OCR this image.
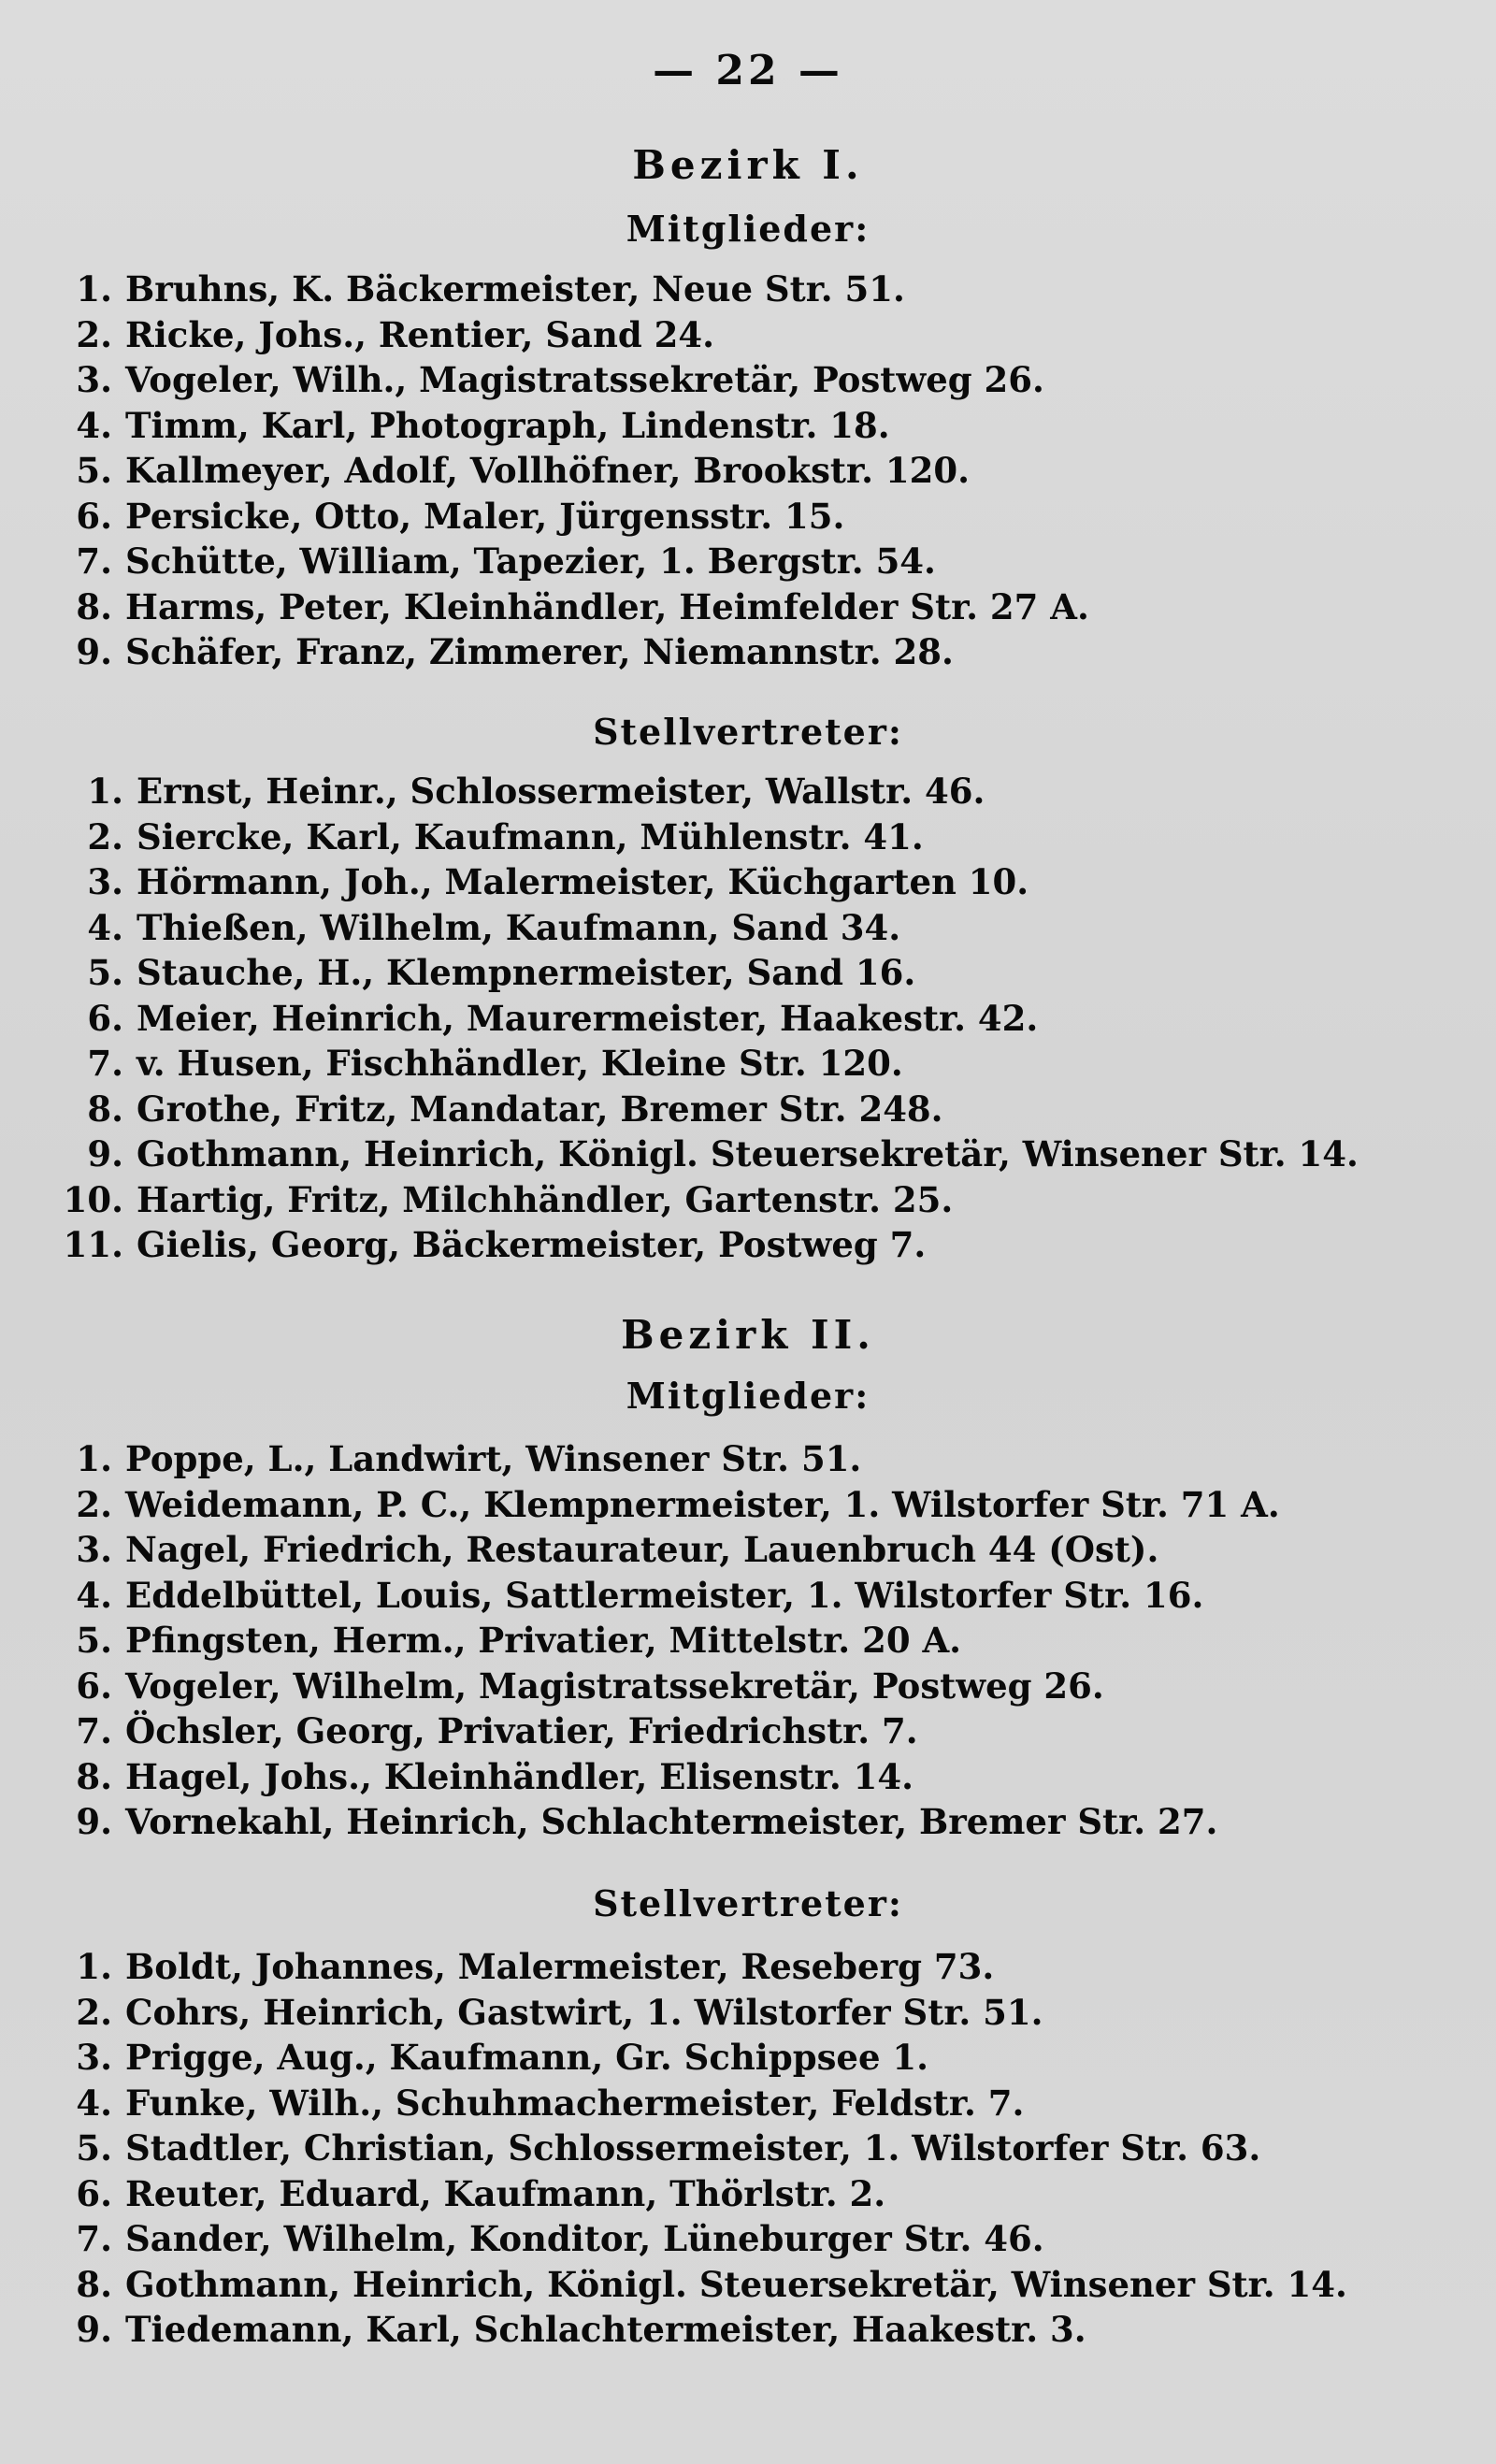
— 22 —
Bezirk I.
Mitglieder:
1. Bruhns, K. Bäckermeister, Neue Str. 51.
2. Ricke, Johs., Rentier, Sand 24.
3. Vogeler, Wilh., Magistratssekretär, Postweg 26.
4. Timm, Karl, Photograph, Lindenstr. 18.
5. Kallmeyer, Adolf, Vollhöfner, Brookstr. 120.
6. Persicke, Otto, Maler, Jürgensstr. 15.
7. Schütte, William, Tapezier, 1. Bergstr. 54.
8. Harms, Peter, Kleinhändler, Heimfelder Str. 27 A.
9. Schäfer, Franz, Zimmerer, Niemannstr. 28.
Stellvertreter:
1. Ernst, Heinr., Schlossermeister, Wallstr. 46.
2. Siercke, Karl, Kaufmann, Mühlenstr. 41.
3. Hörmann, Joh., Malermeister, Küchgarten 10.
4. Thießen, Wilhelm, Kaufmann, Sand 34.
5. Stauche, H., Klempnermeister, Sand 16.
6. Meier, Heinrich, Maurermeister, Haakestr. 42.
7. v. Husen, Fischhändler, Kleine Str. 120.
8. Grothe, Fritz, Mandatar, Bremer Str. 248.
9. Gothmann, Heinrich, Königl. Steuersekretär, Winsener Str. 14.
10. Hartig, Fritz, Milchhändler, Gartenstr. 25.
11. Gielis, Georg, Bäckermeister, Postweg 7.
Bezirk II.
Mitglieder:
1. Poppe, L., Landwirt, Winsener Str. 51.
2. Weidemann, P. C., Klempnermeister, 1. Wilstorfer Str. 71 A.
3. Nagel, Friedrich, Restaurateur, Lauenbruch 44 (Ost).
4. Eddelbüttel, Louis, Sattlermeister, 1. Wilstorfer Str. 16.
5. Pfingsten, Herm., Privatier, Mittelstr. 20 A.
6. Vogeler, Wilhelm, Magistratssekretär, Postweg 26.
7. Öchsler, Georg, Privatier, Friedrichstr. 7.
8. Hagel, Johs., Kleinhändler, Elisenstr. 14.
9. Vornekahl, Heinrich, Schlachtermeister, Bremer Str. 27.
Stellvertreter:
1. Boldt, Johannes, Malermeister, Reseberg 73.
2. Cohrs, Heinrich, Gastwirt, 1. Wilstorfer Str. 51.
3. Prigge, Aug., Kaufmann, Gr. Schippsee 1.
4. Funke, Wilh., Schuhmachermeister, Feldstr. 7.
5. Stadtler, Christian, Schlossermeister, 1. Wilstorfer Str. 63.
6. Reuter, Eduard, Kaufmann, Thörlstr. 2.
7. Sander, Wilhelm, Konditor, Lüneburger Str. 46.
8. Gothmann, Heinrich, Königl. Steuersekretär, Winsener Str. 14.
9. Tiedemann, Karl, Schlachtermeister, Haakestr. 3.
